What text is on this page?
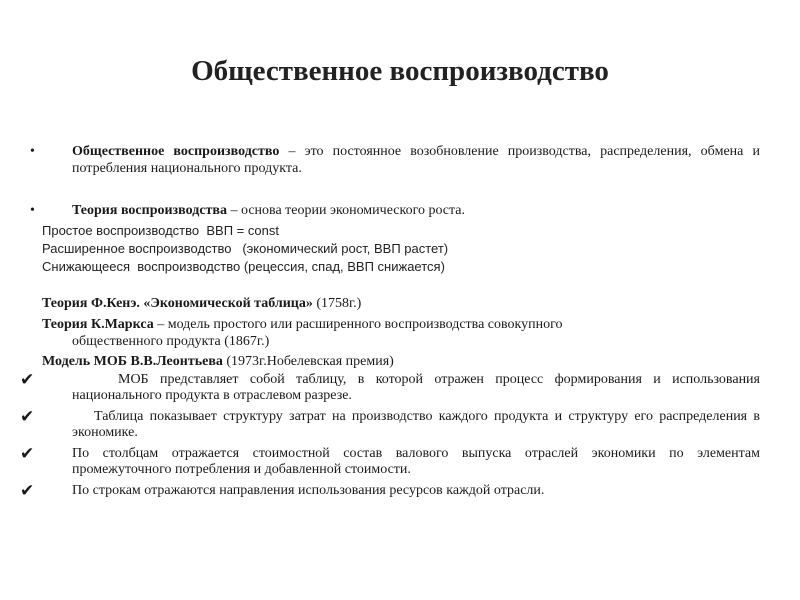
Общественное воспроизводство
•	Общественное воспроизводство – это постоянное возобновление производства, распределения, обмена и потребления национального продукта.
•	Теория воспроизводства – основа теории экономического роста.
Простое воспроизводство  ВВП = const
Расширенное воспроизводство   (экономический рост, ВВП растет)
Снижающееся  воспроизводство (рецессия, спад, ВВП снижается)
Теория Ф.Кенэ. «Экономической таблица» (1758г.)
Теория К.Маркса – модель простого или расширенного воспроизводства совокупного
общественного продукта (1867г.)
Модель МОБ В.В.Леонтьева (1973г.Нобелевская премия)
✔	МОБ представляет собой таблицу, в которой отражен процесс формирования и использования национального продукта в отраслевом разрезе.
✔	Таблица показывает структуру затрат на производство каждого продукта и структуру его распределения в экономике.
✔	По столбцам отражается стоимостной состав валового выпуска отраслей экономики по элементам промежуточного потребления и добавленной стоимости.
✔	По строкам отражаются направления использования ресурсов каждой отрасли.
